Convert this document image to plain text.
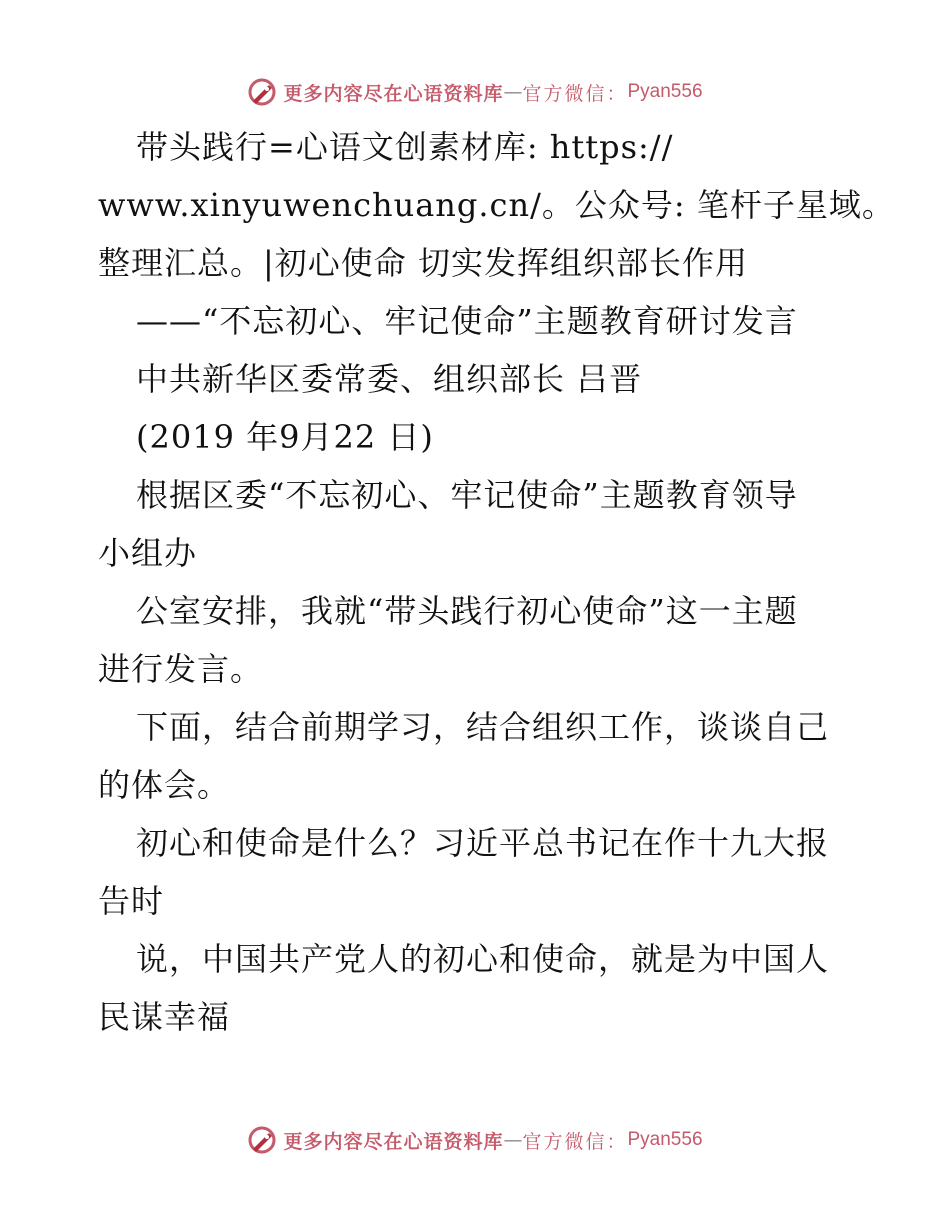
更多内容尽在心语资料库 — 官方微信： Pyan556
带头践行=心语文创素材库: https://
www.xinyuwenchuang.cn/。公众号: 笔杆子星域。
整理汇总。|初心使命 切实发挥组织部长作用
——“不忘初心、牢记使命”主题教育研讨发言
中共新华区委常委、组织部长 吕晋
(2019 年9月22 日)
根据区委“不忘初心、牢记使命”主题教育领导
小组办
公室安排，我就“带头践行初心使命”这一主题
进行发言。
下面，结合前期学习，结合组织工作，谈谈自己
的体会。
初心和使命是什么？习近平总书记在作十九大报
告时
说，中国共产党人的初心和使命，就是为中国人
民谋幸福
更多内容尽在心语资料库 — 官方微信： Pyan556
